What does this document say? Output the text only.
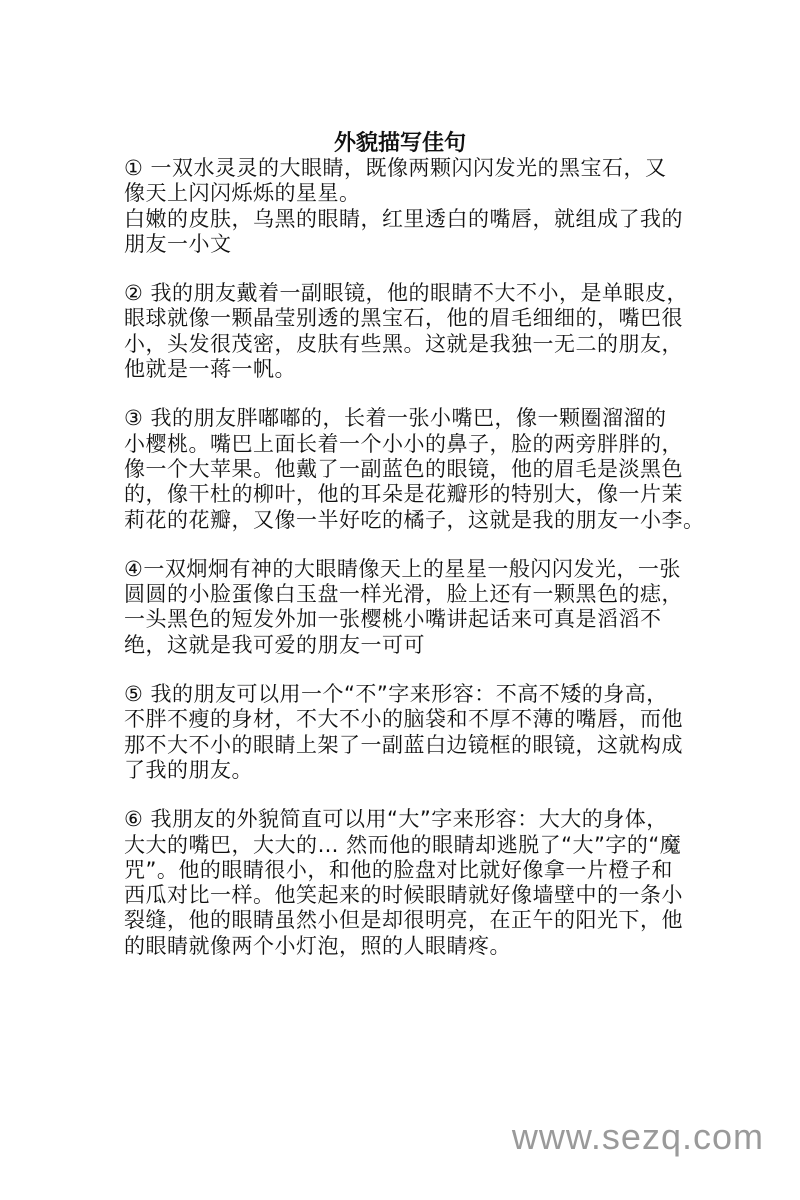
外貌描写佳句
① 一双水灵灵的大眼睛，既像两颗闪闪发光的黑宝石，又
像天上闪闪烁烁的星星。
白嫩的皮肤，乌黑的眼睛，红里透白的嘴唇，就组成了我的
朋友一小文
② 我的朋友戴着一副眼镜，他的眼睛不大不小，是单眼皮，
眼球就像一颗晶莹别透的黑宝石，他的眉毛细细的，嘴巴很
小，头发很茂密，皮肤有些黑。这就是我独一无二的朋友，
他就是一蒋一帆。
③ 我的朋友胖嘟嘟的，长着一张小嘴巴，像一颗圈溜溜的
小樱桃。嘴巴上面长着一个小小的鼻子，脸的两旁胖胖的，
像一个大苹果。他戴了一副蓝色的眼镜，他的眉毛是淡黑色
的，像干杜的柳叶，他的耳朵是花瓣形的特别大，像一片茉
莉花的花瓣，又像一半好吃的橘子，这就是我的朋友一小李。
④一双炯炯有神的大眼睛像天上的星星一般闪闪发光，一张
圆圆的小脸蛋像白玉盘一样光滑，脸上还有一颗黑色的痣，
一头黑色的短发外加一张樱桃小嘴讲起话来可真是滔滔不
绝，这就是我可爱的朋友一可可
⑤ 我的朋友可以用一个“不”字来形容：不高不矮的身高，
不胖不瘦的身材，不大不小的脑袋和不厚不薄的嘴唇，而他
那不大不小的眼睛上架了一副蓝白边镜框的眼镜，这就构成
了我的朋友。
⑥ 我朋友的外貌简直可以用“大”字来形容：大大的身体，
大大的嘴巴，大大的… 然而他的眼睛却逃脱了“大”字的“魔
咒”。他的眼睛很小，和他的脸盘对比就好像拿一片橙子和
西瓜对比一样。他笑起来的时候眼睛就好像墙壁中的一条小
裂缝，他的眼睛虽然小但是却很明亮，在正午的阳光下，他
的眼睛就像两个小灯泡，照的人眼睛疼。
www.sezq.com
